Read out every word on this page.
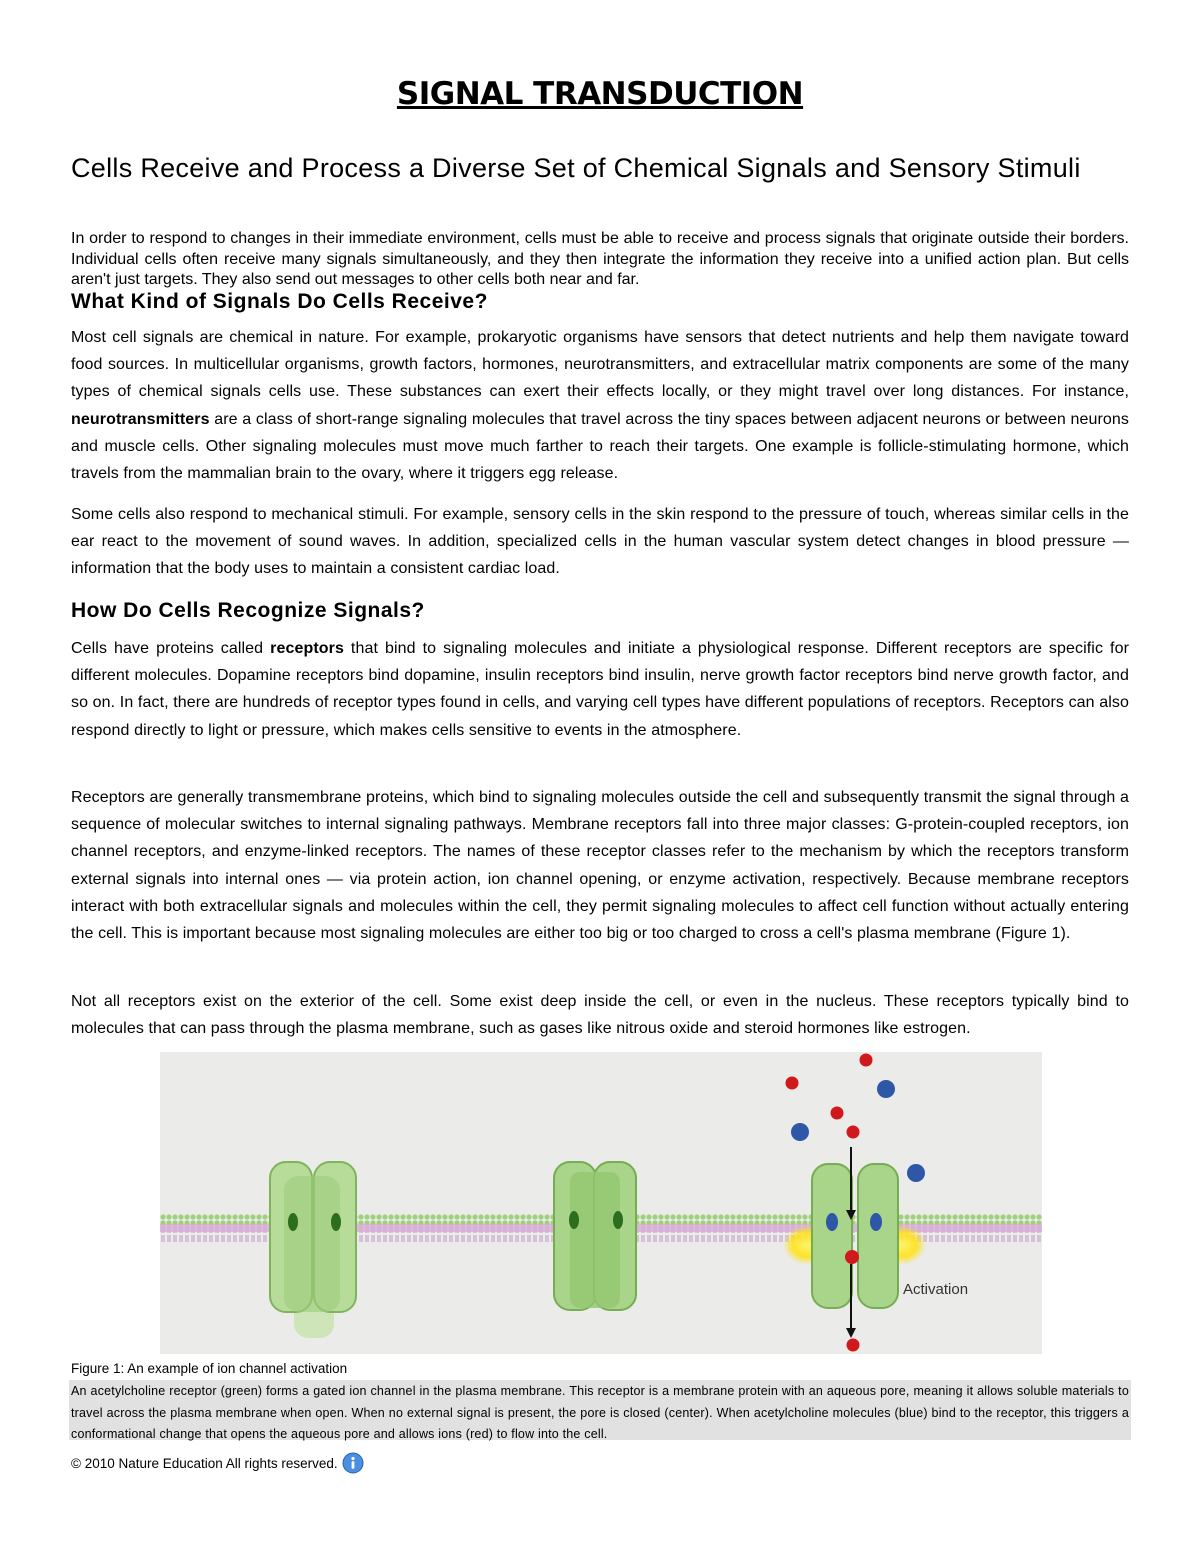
SIGNAL TRANSDUCTION
Cells Receive and Process a Diverse Set of Chemical Signals and Sensory Stimuli

In order to respond to changes in their immediate environment, cells must be able to receive and process signals that originate outside their borders. Individual cells often receive many signals simultaneously, and they then integrate the information they receive into a unified action plan. But cells aren't just targets. They also send out messages to other cells both near and far.

What Kind of Signals Do Cells Receive?

Most cell signals are chemical in nature. For example, prokaryotic organisms have sensors that detect nutrients and help them navigate toward food sources. In multicellular organisms, growth factors, hormones, neurotransmitters, and extracellular matrix components are some of the many types of chemical signals cells use. These substances can exert their effects locally, or they might travel over long distances. For instance, neurotransmitters are a class of short-range signaling molecules that travel across the tiny spaces between adjacent neurons or between neurons and muscle cells. Other signaling molecules must move much farther to reach their targets. One example is follicle-stimulating hormone, which travels from the mammalian brain to the ovary, where it triggers egg release.

Some cells also respond to mechanical stimuli. For example, sensory cells in the skin respond to the pressure of touch, whereas similar cells in the ear react to the movement of sound waves. In addition, specialized cells in the human vascular system detect changes in blood pressure — information that the body uses to maintain a consistent cardiac load.

How Do Cells Recognize Signals?

Cells have proteins called receptors that bind to signaling molecules and initiate a physiological response. Different receptors are specific for different molecules. Dopamine receptors bind dopamine, insulin receptors bind insulin, nerve growth factor receptors bind nerve growth factor, and so on. In fact, there are hundreds of receptor types found in cells, and varying cell types have different populations of receptors. Receptors can also respond directly to light or pressure, which makes cells sensitive to events in the atmosphere.

Receptors are generally transmembrane proteins, which bind to signaling molecules outside the cell and subsequently transmit the signal through a sequence of molecular switches to internal signaling pathways. Membrane receptors fall into three major classes: G-protein-coupled receptors, ion channel receptors, and enzyme-linked receptors. The names of these receptor classes refer to the mechanism by which the receptors transform external signals into internal ones — via protein action, ion channel opening, or enzyme activation, respectively. Because membrane receptors interact with both extracellular signals and molecules within the cell, they permit signaling molecules to affect cell function without actually entering the cell. This is important because most signaling molecules are either too big or too charged to cross a cell's plasma membrane (Figure 1).

Not all receptors exist on the exterior of the cell. Some exist deep inside the cell, or even in the nucleus. These receptors typically bind to molecules that can pass through the plasma membrane, such as gases like nitrous oxide and steroid hormones like estrogen.

Activation

Figure 1: An example of ion channel activation

An acetylcholine receptor (green) forms a gated ion channel in the plasma membrane. This receptor is a membrane protein with an aqueous pore, meaning it allows soluble materials to travel across the plasma membrane when open. When no external signal is present, the pore is closed (center). When acetylcholine molecules (blue) bind to the receptor, this triggers a conformational change that opens the aqueous pore and allows ions (red) to flow into the cell.

© 2010 Nature Education All rights reserved.
